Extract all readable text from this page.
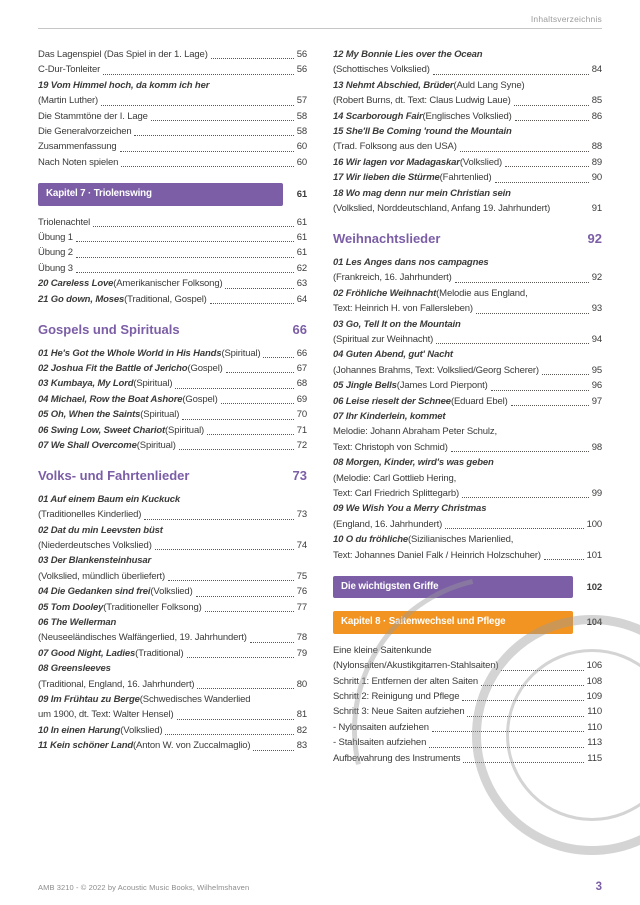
Inhaltsverzeichnis
Das Lagenspiel (Das Spiel in der 1. Lage)	56
C-Dur-Tonleiter	56
19 Vom Himmel hoch, da komm ich her
(Martin Luther)	57
Die Stammtöne der I. Lage	58
Die Generalvorzeichen	58
Zusammenfassung	60
Nach Noten spielen	60
Kapitel 7 · Triolenswing	61
Triolenachtel	61
Übung 1	61
Übung 2	61
Übung 3	62
20 Careless Love (Amerikanischer Folksong)	63
21 Go down, Moses (Traditional, Gospel)	64
Gospels und Spirituals	66
01 He's Got the Whole World in His Hands (Spiritual)	66
02 Joshua Fit the Battle of Jericho (Gospel)	67
03 Kumbaya, My Lord (Spiritual)	68
04 Michael, Row the Boat Ashore (Gospel)	69
05 Oh, When the Saints (Spiritual)	70
06 Swing Low, Sweet Chariot (Spiritual)	71
07 We Shall Overcome (Spiritual)	72
Volks- und Fahrtenlieder	73
01 Auf einem Baum ein Kuckuck
(Traditionelles Kinderlied)	73
02 Dat du min Leevsten büst
(Niederdeutsches Volkslied)	74
03 Der Blankensteinhusar
(Volkslied, mündlich überliefert)	75
04 Die Gedanken sind frei (Volkslied)	76
05 Tom Dooley (Traditioneller Folksong)	77
06 The Wellerman
(Neuseeländisches Walfängerlied, 19. Jahrhundert)	78
07 Good Night, Ladies (Traditional)	79
08 Greensleeves
(Traditional, England, 16. Jahrhundert)	80
09 Im Frühtau zu Berge (Schwedisches Wanderlied
um 1900, dt. Text: Walter Hensel)	81
10 In einen Harung (Volkslied)	82
11 Kein schöner Land (Anton W. von Zuccalmaglio)	83
12 My Bonnie Lies over the Ocean
(Schottisches Volkslied)	84
13 Nehmt Abschied, Brüder (Auld Lang Syne)
(Robert Burns, dt. Text: Claus Ludwig Laue)	85
14 Scarborough Fair (Englisches Volkslied)	86
15 She'll Be Coming 'round the Mountain
(Trad. Folksong aus den USA)	88
16 Wir lagen vor Madagaskar (Volkslied)	89
17 Wir lieben die Stürme (Fahrtenlied)	90
18 Wo mag denn nur mein Christian sein
(Volkslied, Norddeutschland, Anfang 19. Jahrhundert)	91
Weihnachtslieder	92
01 Les Anges dans nos campagnes
(Frankreich, 16. Jahrhundert)	92
02 Fröhliche Weihnacht (Melodie aus England,
Text: Heinrich H. von Fallersleben)	93
03 Go, Tell It on the Mountain
(Spiritual zur Weihnacht)	94
04 Guten Abend, gut' Nacht
(Johannes Brahms, Text: Volkslied/Georg Scherer)	95
05 Jingle Bells (James Lord Pierpont)	96
06 Leise rieselt der Schnee (Eduard Ebel)	97
07 Ihr Kinderlein, kommet
Melodie: Johann Abraham Peter Schulz,
Text: Christoph von Schmid)	98
08 Morgen, Kinder, wird's was geben
(Melodie: Carl Gottlieb Hering,
Text: Carl Friedrich Splittegarb)	99
09 We Wish You a Merry Christmas
(England, 16. Jahrhundert)	100
10 O du fröhliche (Sizilianisches Marienlied,
Text: Johannes Daniel Falk / Heinrich Holzschuher)	101
Die wichtigsten Griffe	102
Kapitel 8 · Saitenwechsel und Pflege	104
Eine kleine Saitenkunde
(Nylonsaiten/Akustikgitarren-Stahlsaiten)	106
Schritt 1: Entfernen der alten Saiten	108
Schritt 2: Reinigung und Pflege	109
Schritt 3: Neue Saiten aufziehen	110
- Nylonsaiten aufziehen	110
- Stahlsaiten aufziehen	113
Aufbewahrung des Instruments	115
AMB 3210 - © 2022 by Acoustic Music Books, Wilhelmshaven	3
